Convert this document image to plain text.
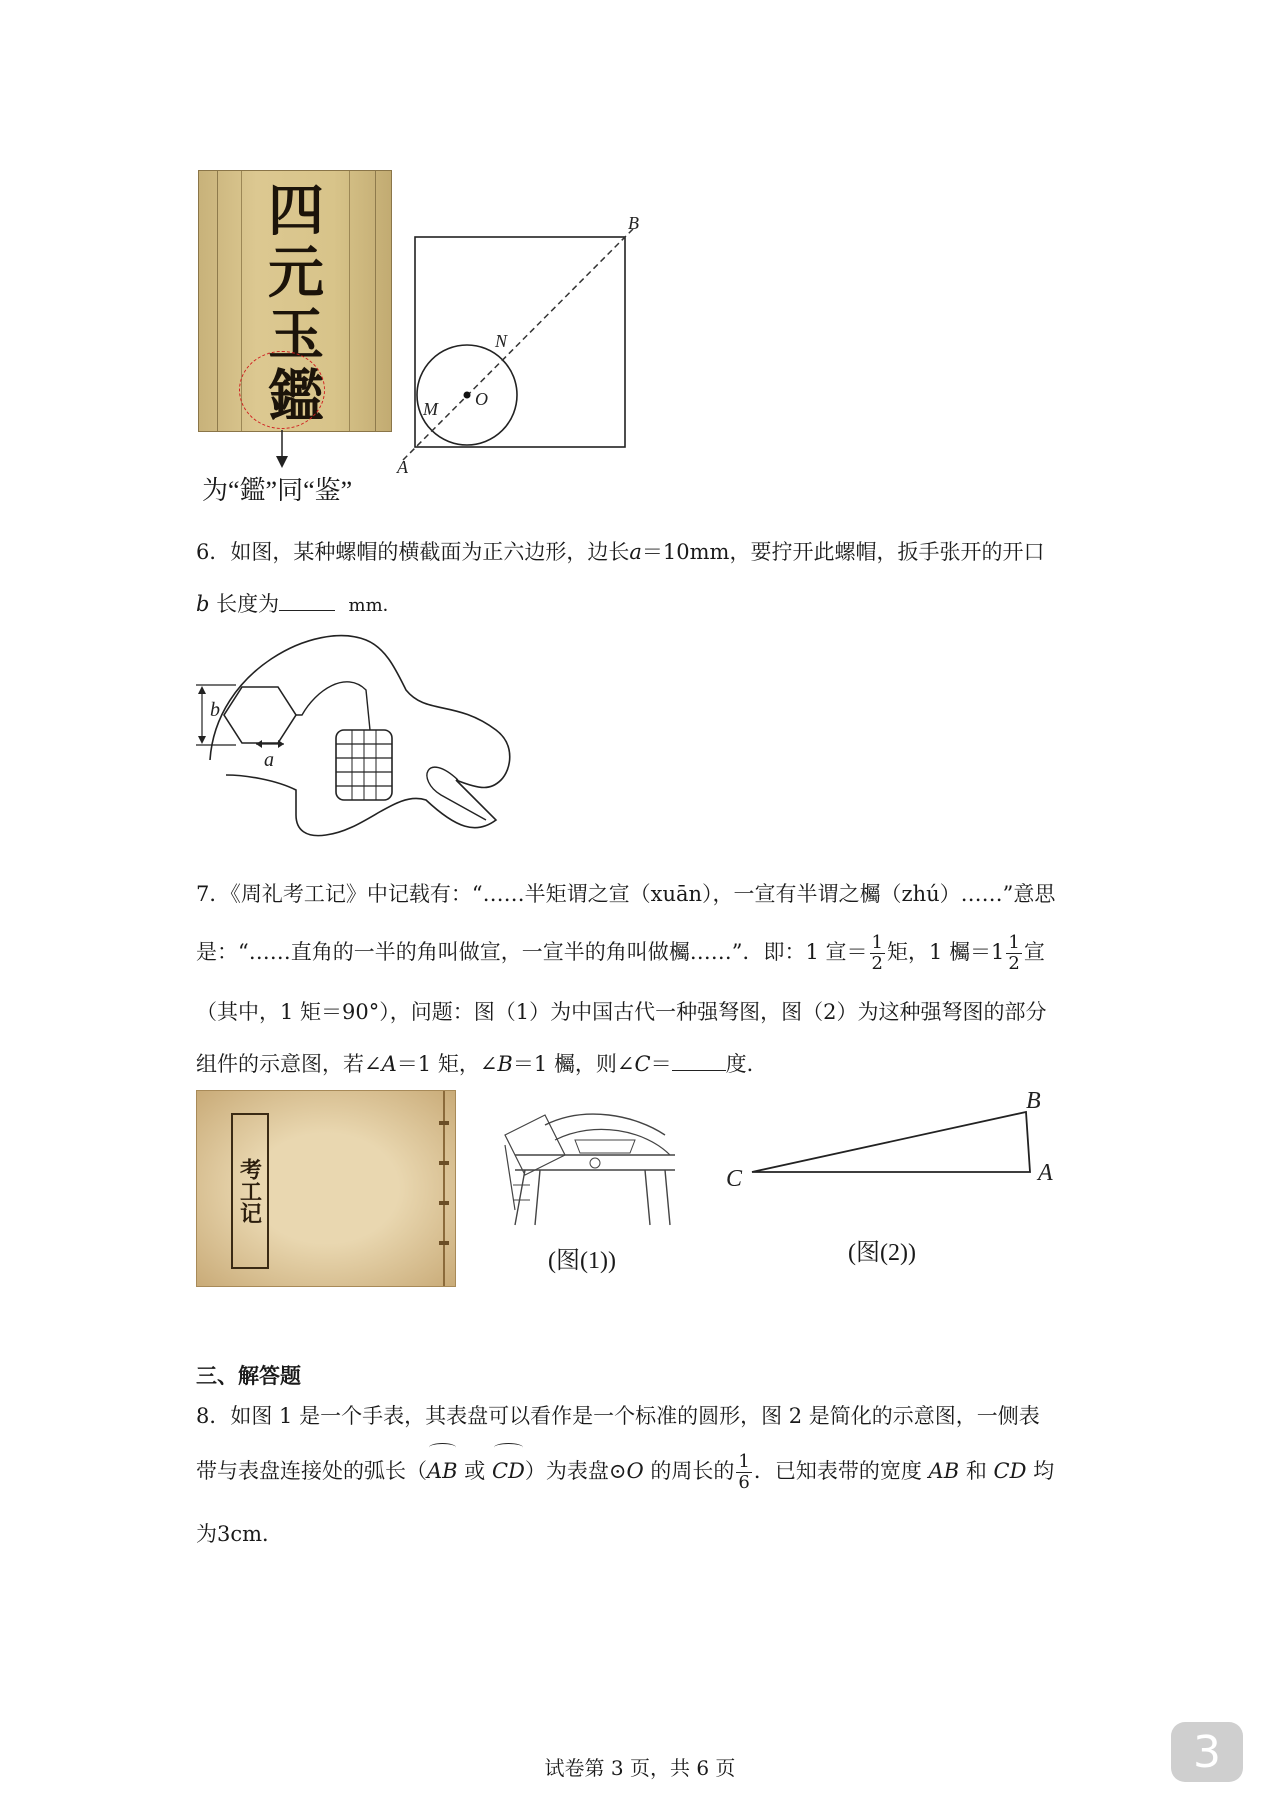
四
元
玉
鑑
为“鑑”同“鉴”
B
N
O
M
A
6．如图，某种螺帽的横截面为正六边形，边长a＝10mm，要拧开此螺帽，扳手张开的开口
b 长度为	mm．
b
a
7．《周礼考工记》中记载有：“……半矩谓之宣（xuān），一宣有半谓之欘（zhú）……”意思
是：“……直角的一半的角叫做宣，一宣半的角叫做欘……”．即：1 宣＝ $\frac{1}{2}$ 矩，1 欘$=1 \frac{1}{2}$ 宣
（其中，1 矩＝90°），问题：图（1）为中国古代一种强弩图，图（2）为这种强弩图的部分
组件的示意图，若∠A＝1 矩，∠B＝1 欘，则∠C＝	度．
考工记
(图(1))
B
A
C
(图(2))
三、解答题
8．如图 1 是一个手表，其表盘可以看作是一个标准的圆形，图 2 是简化的示意图，一侧表
带与表盘连接处的弧长（AB 或 CD）为表盘⊙O 的周长的 $\frac{1}{6}$ ．已知表带的宽度 AB 和 CD 均
为3cm．
试卷第 3 页，共 6 页	3
